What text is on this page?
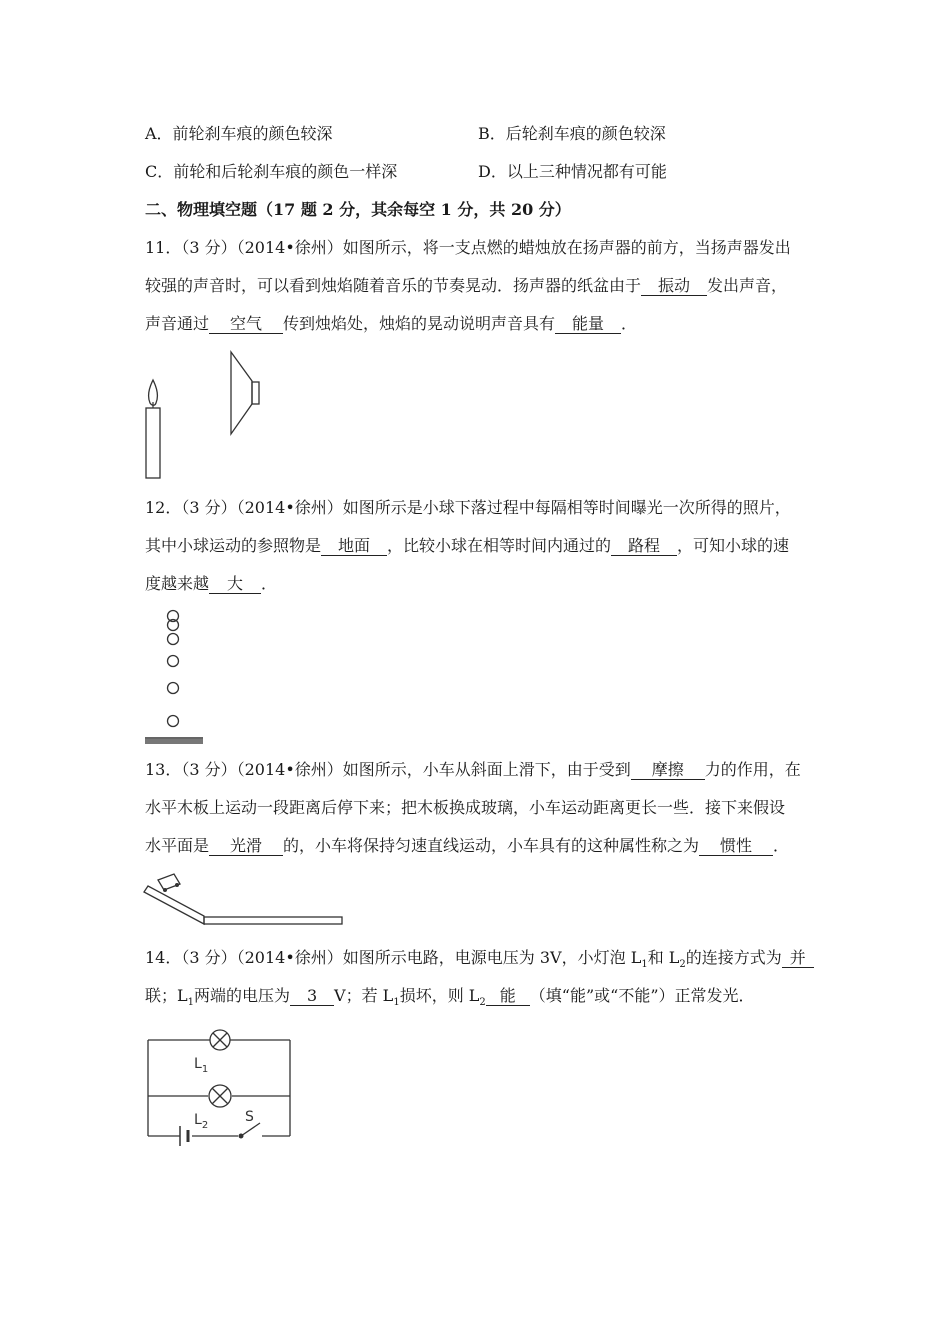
A．前轮刹车痕的颜色较深	B．后轮刹车痕的颜色较深
C．前轮和后轮刹车痕的颜色一样深	D．以上三种情况都有可能
二、物理填空题（17 题 2 分，其余每空 1 分，共 20 分）
11．（3 分）（2014•徐州）如图所示，将一支点燃的蜡烛放在扬声器的前方，当扬声器发出
较强的声音时，可以看到烛焰随着音乐的节奏晃动．扬声器的纸盆由于 振动 发出声音，
声音通过 空气 传到烛焰处，烛焰的晃动说明声音具有 能量 ．
12．（3 分）（2014•徐州）如图所示是小球下落过程中每隔相等时间曝光一次所得的照片，
其中小球运动的参照物是 地面 ，比较小球在相等时间内通过的 路程 ，可知小球的速
度越来越 大 ．
13．（3 分）（2014•徐州）如图所示，小车从斜面上滑下，由于受到 摩擦 力的作用，在
水平木板上运动一段距离后停下来；把木板换成玻璃，小车运动距离更长一些．接下来假设
水平面是 光滑 的，小车将保持匀速直线运动，小车具有的这种属性称之为 惯性 ．
14．（3 分）（2014•徐州）如图所示电路，电源电压为 3V，小灯泡 $L_1$和 $L_2$的连接方式为 并
联；$L_1$两端的电压为 3 V；若 $L_1$损坏，则 $L_2$ 能 （填“能”或“不能”）正常发光．
$L_1$
$L_2$
S
